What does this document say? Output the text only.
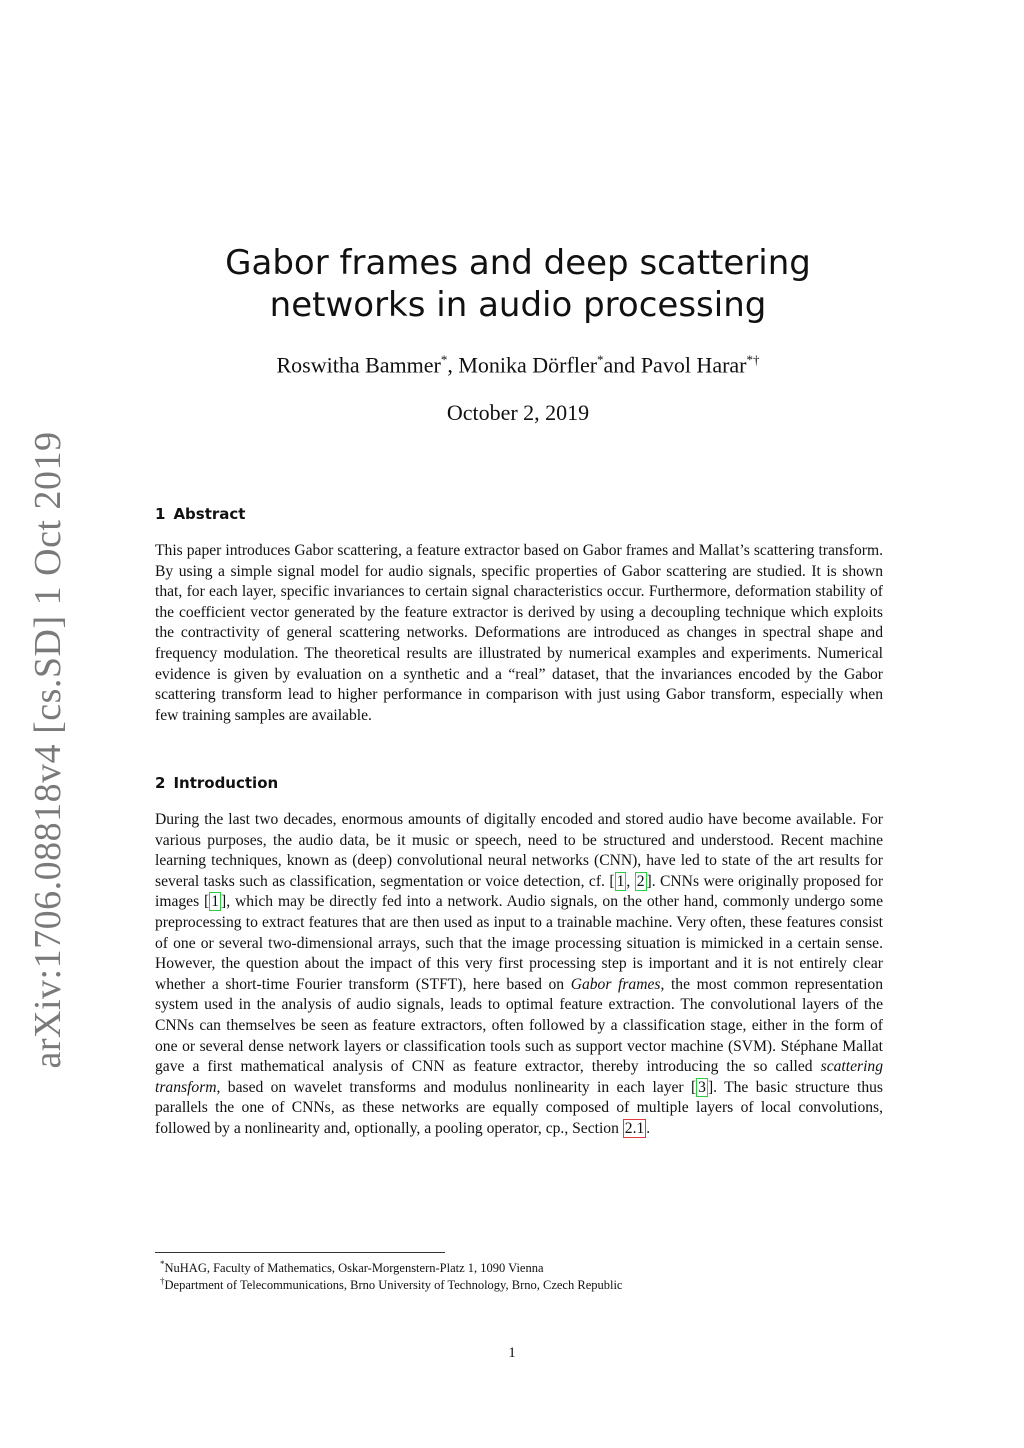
arXiv:1706.08818v4 [cs.SD] 1 Oct 2019
Gabor frames and deep scattering
networks in audio processing
Roswitha Bammer*, Monika Dörfler*and Pavol Harar*†
October 2, 2019
1 Abstract
This paper introduces Gabor scattering, a feature extractor based on Gabor frames and Mallat’s scattering transform. By using a simple signal model for audio signals, specific properties of Gabor scattering are studied. It is shown that, for each layer, specific invariances to certain signal characteristics occur. Furthermore, deformation stability of the coefficient vector generated by the feature extractor is derived by using a decoupling technique which exploits the contractivity of general scattering networks. Deformations are introduced as changes in spectral shape and frequency modulation. The theoretical results are illustrated by numerical examples and experiments. Numerical evidence is given by evaluation on a synthetic and a “real” dataset, that the invariances encoded by the Gabor scattering transform lead to higher performance in comparison with just using Gabor transform, especially when few training samples are available.
2 Introduction
During the last two decades, enormous amounts of digitally encoded and stored audio have become available. For various purposes, the audio data, be it music or speech, need to be structured and understood. Recent machine learning techniques, known as (deep) convolutional neural networks (CNN), have led to state of the art results for several tasks such as classification, segmentation or voice detection, cf. [ 1 , 2 ]. CNNs were originally proposed for images [ 1 ], which may be directly fed into a network. Audio signals, on the other hand, commonly undergo some preprocessing to extract features that are then used as input to a trainable machine. Very often, these features consist of one or several two-dimensional arrays, such that the image processing situation is mimicked in a certain sense. However, the question about the impact of this very first processing step is important and it is not entirely clear whether a short-time Fourier transform (STFT), here based on Gabor frames, the most common representation system used in the analysis of audio signals, leads to optimal feature extraction. The convolutional layers of the CNNs can themselves be seen as feature extractors, often followed by a classification stage, either in the form of one or several dense network layers or classification tools such as support vector machine (SVM). Stéphane Mallat gave a first mathematical analysis of CNN as feature extractor, thereby introducing the so called scattering transform, based on wavelet transforms and modulus nonlinearity in each layer [ 3 ]. The basic structure thus parallels the one of CNNs, as these networks are equally composed of multiple layers of local convolutions, followed by a nonlinearity and, optionally, a pooling operator, cp., Section 2.1 .
*NuHAG, Faculty of Mathematics, Oskar-Morgenstern-Platz 1, 1090 Vienna
†Department of Telecommunications, Brno University of Technology, Brno, Czech Republic
1
